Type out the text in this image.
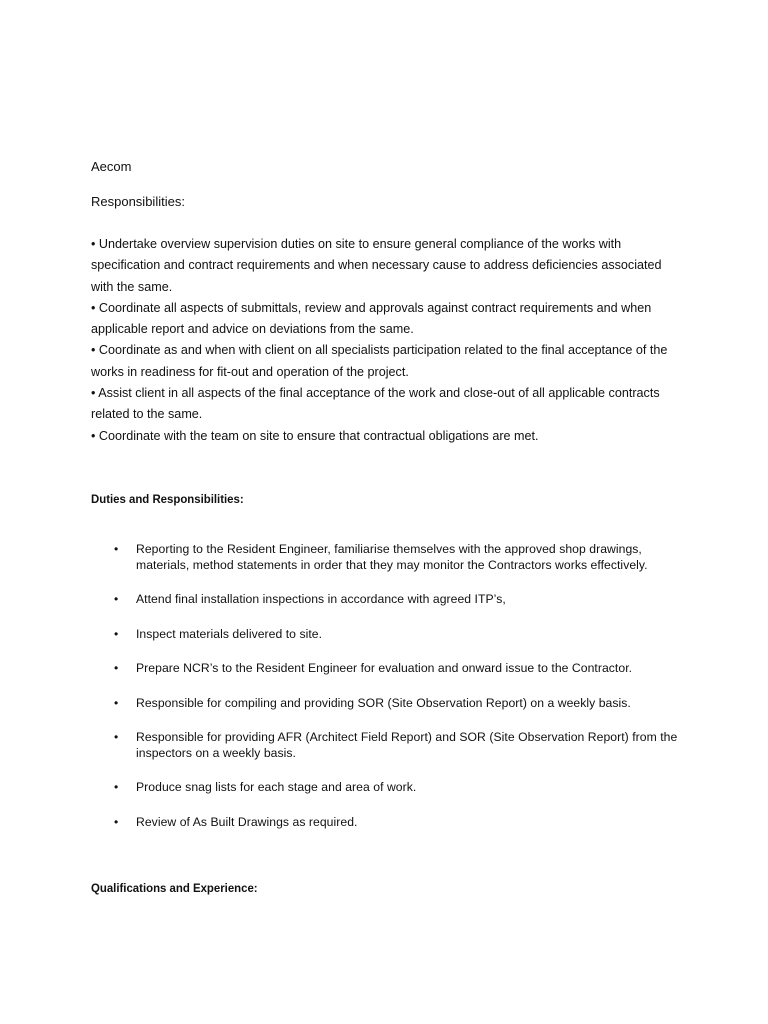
Aecom
Responsibilities:

• Undertake overview supervision duties on site to ensure general compliance of the works with specification and contract requirements and when necessary cause to address deficiencies associated with the same.

• Coordinate all aspects of submittals, review and approvals against contract requirements and when applicable report and advice on deviations from the same.

• Coordinate as and when with client on all specialists participation related to the final acceptance of the works in readiness for fit-out and operation of the project.

• Assist client in all aspects of the final acceptance of the work and close-out of all applicable contracts related to the same.

• Coordinate with the team on site to ensure that contractual obligations are met.

Duties and Responsibilities:
• Reporting to the Resident Engineer, familiarise themselves with the approved shop drawings, materials, method statements in order that they may monitor the Contractors works effectively.
• Attend final installation inspections in accordance with agreed ITP’s,
• Inspect materials delivered to site.
• Prepare NCR’s to the Resident Engineer for evaluation and onward issue to the Contractor.
• Responsible for compiling and providing SOR (Site Observation Report) on a weekly basis.
• Responsible for providing AFR (Architect Field Report) and SOR (Site Observation Report) from the inspectors on a weekly basis.
• Produce snag lists for each stage and area of work.
• Review of As Built Drawings as required.
Qualifications and Experience:
